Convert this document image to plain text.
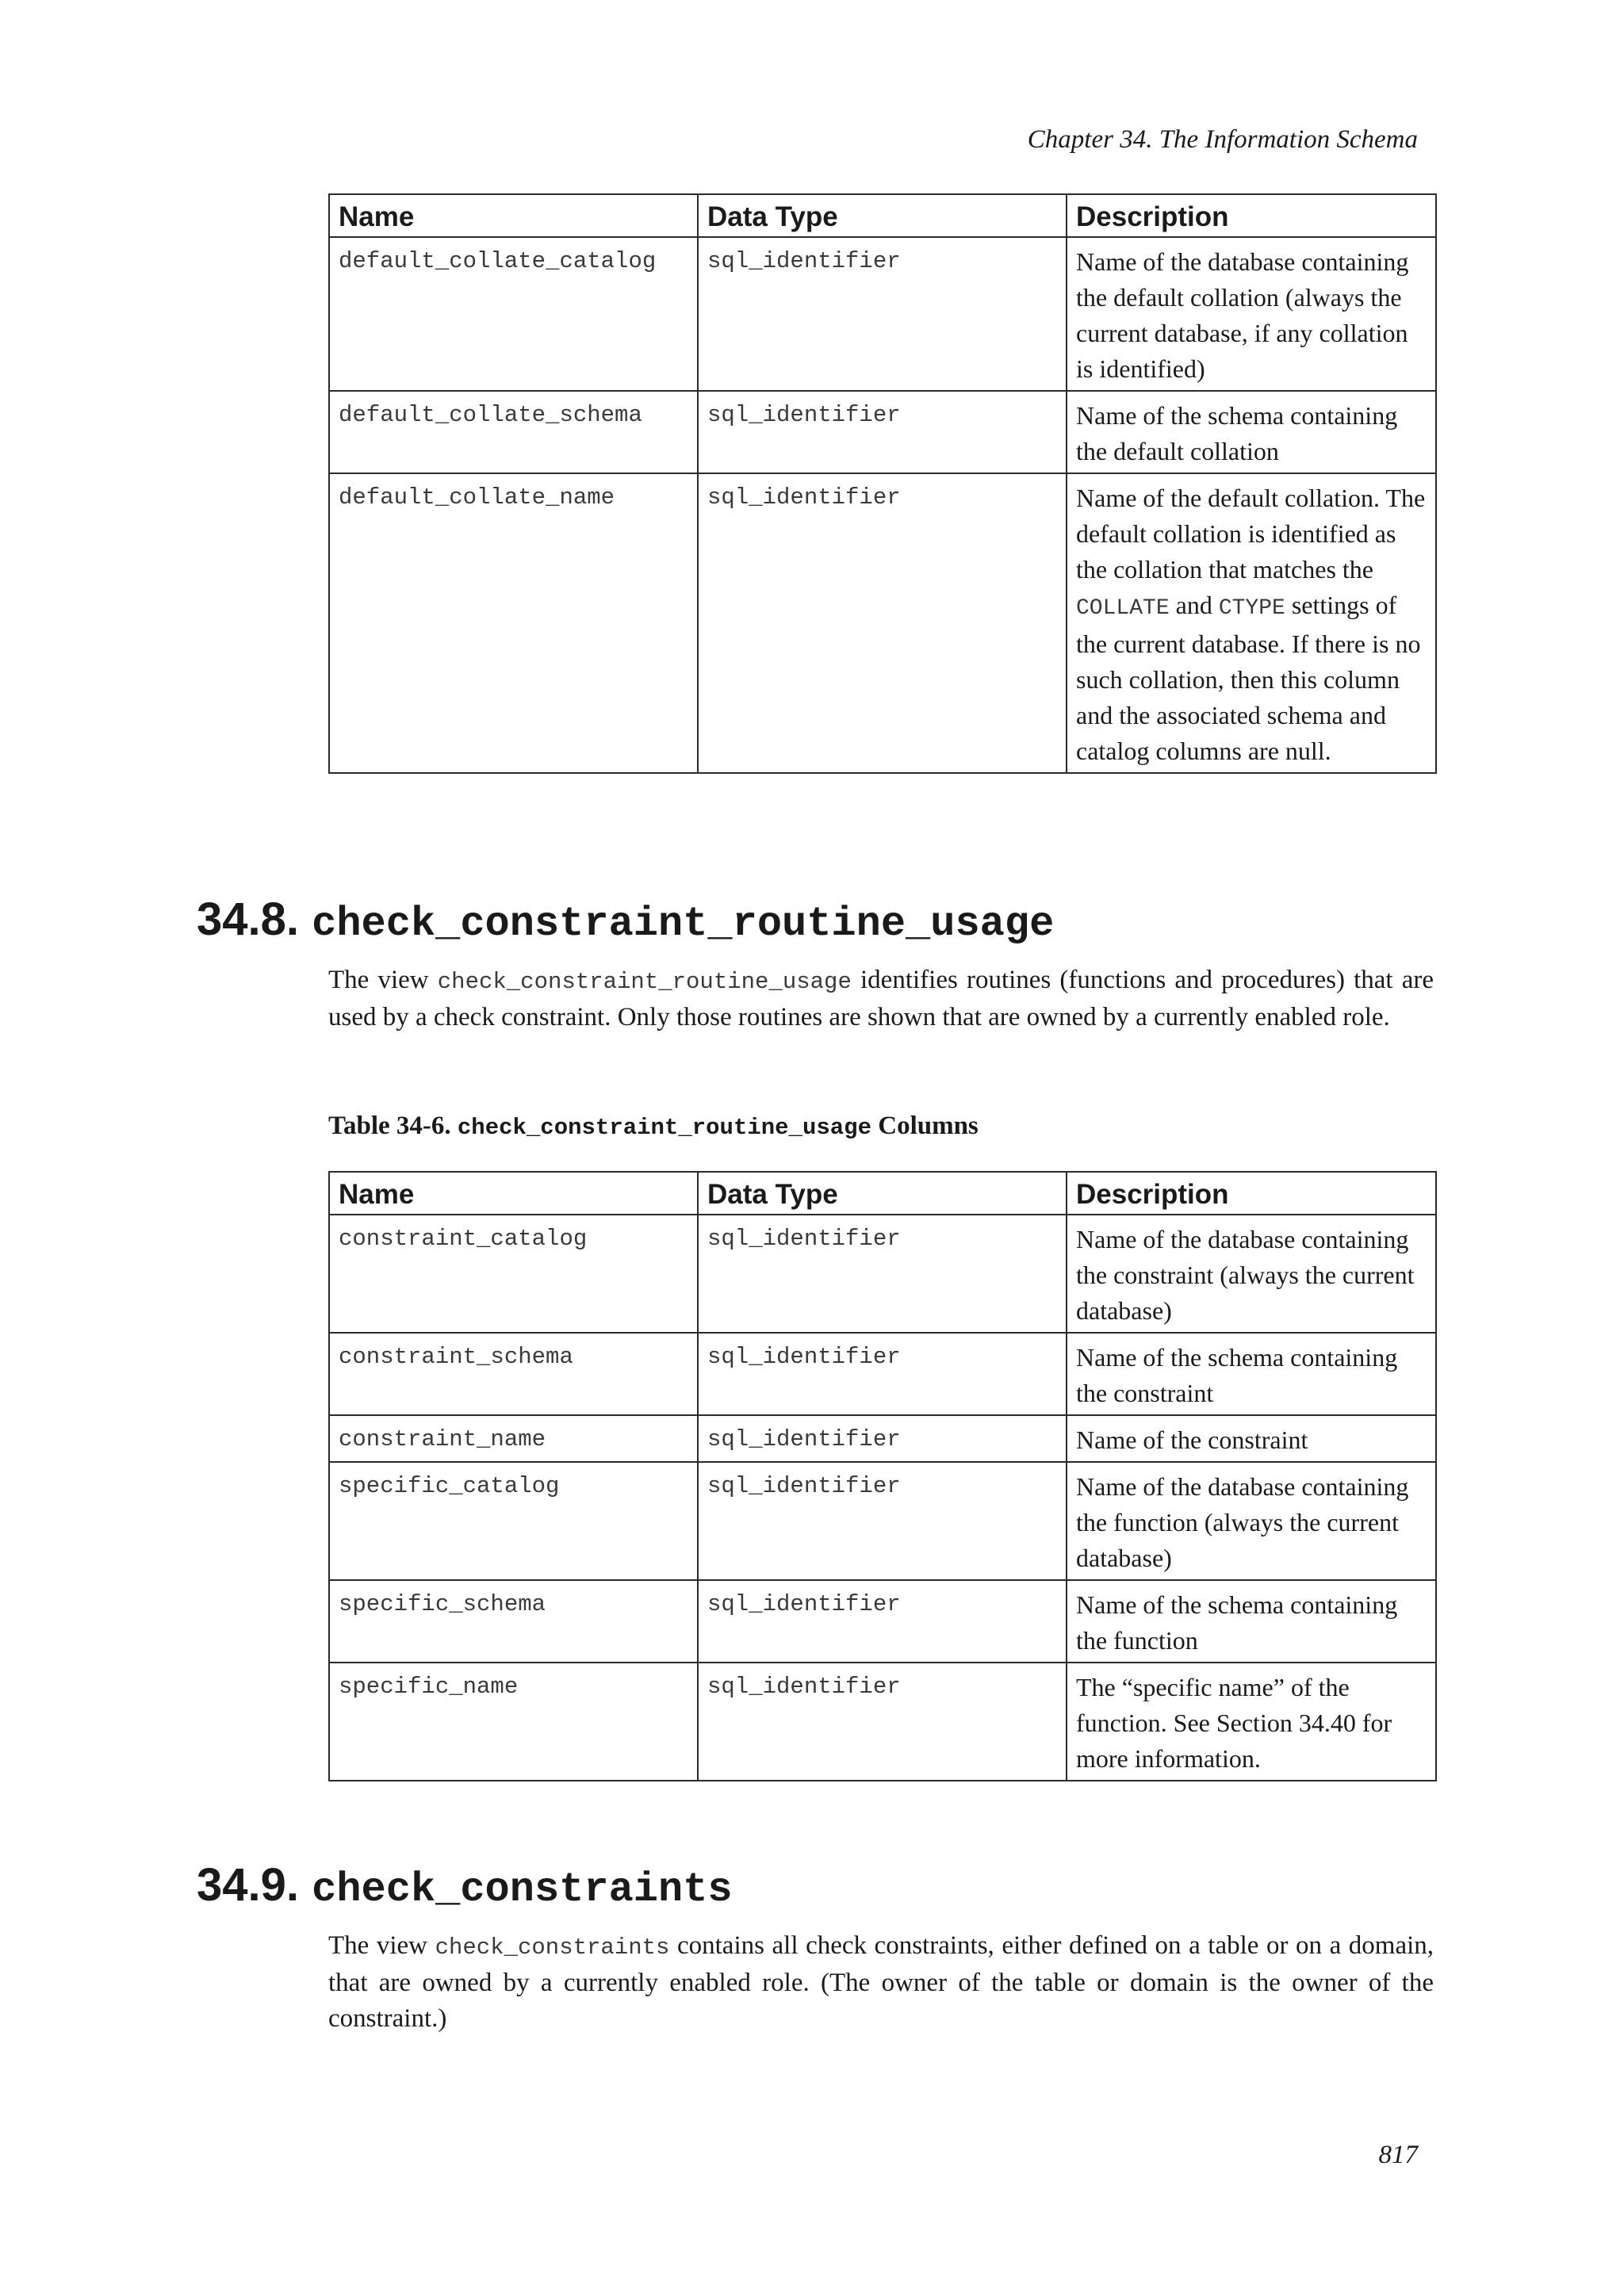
Chapter 34. The Information Schema
Name	Data Type	Description
default_collate_catalog	sql_identifier	Name of the database containing the default collation (always the current database, if any collation is identified)
default_collate_schema	sql_identifier	Name of the schema containing the default collation
default_collate_name	sql_identifier	Name of the default collation. The default collation is identified as the collation that matches the COLLATE and CTYPE settings of the current database. If there is no such collation, then this column and the associated schema and catalog columns are null.
34.8. check_constraint_routine_usage
The view check_constraint_routine_usage identifies routines (functions and procedures) that are used by a check constraint. Only those routines are shown that are owned by a currently enabled role.
Table 34-6. check_constraint_routine_usage Columns
Name	Data Type	Description
constraint_catalog	sql_identifier	Name of the database containing the constraint (always the current database)
constraint_schema	sql_identifier	Name of the schema containing the constraint
constraint_name	sql_identifier	Name of the constraint
specific_catalog	sql_identifier	Name of the database containing the function (always the current database)
specific_schema	sql_identifier	Name of the schema containing the function
specific_name	sql_identifier	The “specific name” of the function. See Section 34.40 for more information.
34.9. check_constraints
The view check_constraints contains all check constraints, either defined on a table or on a domain, that are owned by a currently enabled role. (The owner of the table or domain is the owner of the constraint.)
817
